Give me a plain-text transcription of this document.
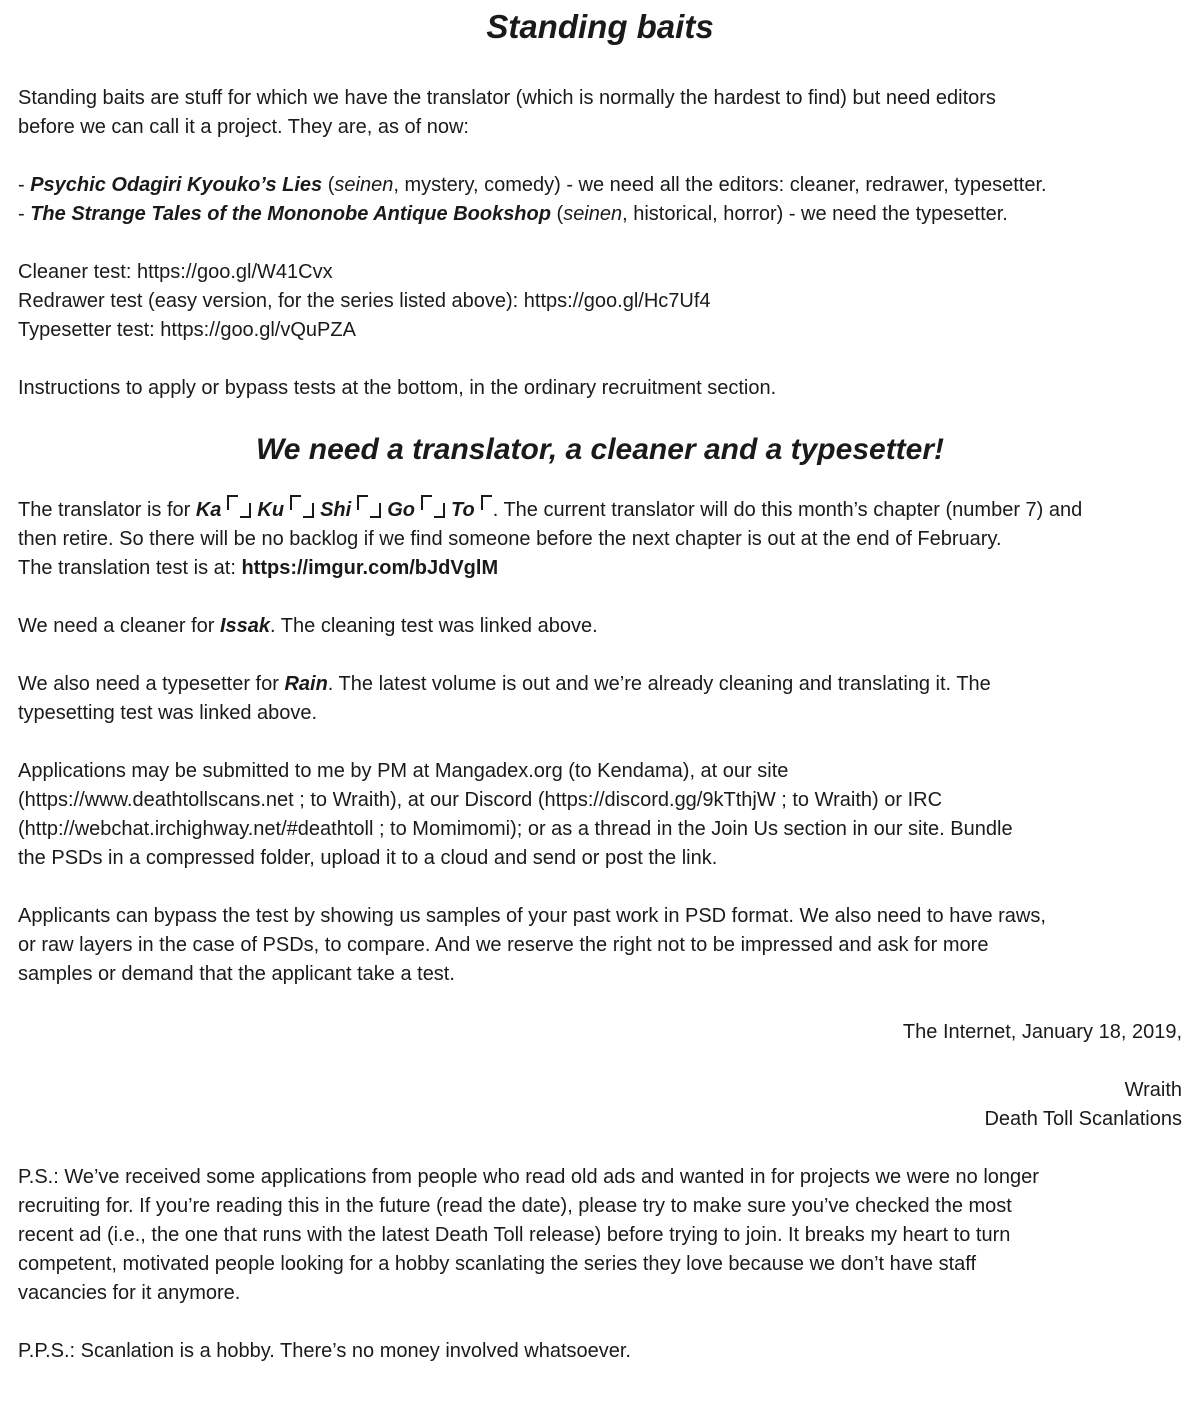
Standing baits

Standing baits are stuff for which we have the translator (which is normally the hardest to find) but need editors
before we can call it a project. They are, as of now:

- Psychic Odagiri Kyouko’s Lies (seinen, mystery, comedy) - we need all the editors: cleaner, redrawer, typesetter.
- The Strange Tales of the Mononobe Antique Bookshop (seinen, historical, horror) - we need the typesetter.
Cleaner test: https://goo.gl/W41Cvx
Redrawer test (easy version, for the series listed above): https://goo.gl/Hc7Uf4
Typesetter test: https://goo.gl/vQuPZA

Instructions to apply or bypass tests at the bottom, in the ordinary recruitment section.

We need a translator, a cleaner and a typesetter!

The translator is for Ka Ku Shi Go To . The current translator will do this month’s chapter (number 7) and
then retire. So there will be no backlog if we find someone before the next chapter is out at the end of February.
The translation test is at: https://imgur.com/bJdVglM

We need a cleaner for Issak. The cleaning test was linked above.

We also need a typesetter for Rain. The latest volume is out and we’re already cleaning and translating it. The
typesetting test was linked above.

Applications may be submitted to me by PM at Mangadex.org (to Kendama), at our site
(https://www.deathtollscans.net ; to Wraith), at our Discord (https://discord.gg/9kTthjW ; to Wraith) or IRC
(http://webchat.irchighway.net/#deathtoll ; to Momimomi); or as a thread in the Join Us section in our site. Bundle
the PSDs in a compressed folder, upload it to a cloud and send or post the link.

Applicants can bypass the test by showing us samples of your past work in PSD format. We also need to have raws,
or raw layers in the case of PSDs, to compare. And we reserve the right not to be impressed and ask for more
samples or demand that the applicant take a test.

The Internet, January 18, 2019,

Wraith
Death Toll Scanlations

P.S.: We’ve received some applications from people who read old ads and wanted in for projects we were no longer
recruiting for. If you’re reading this in the future (read the date), please try to make sure you’ve checked the most
recent ad (i.e., the one that runs with the latest Death Toll release) before trying to join. It breaks my heart to turn
competent, motivated people looking for a hobby scanlating the series they love because we don’t have staff
vacancies for it anymore.

P.P.S.: Scanlation is a hobby. There’s no money involved whatsoever.
